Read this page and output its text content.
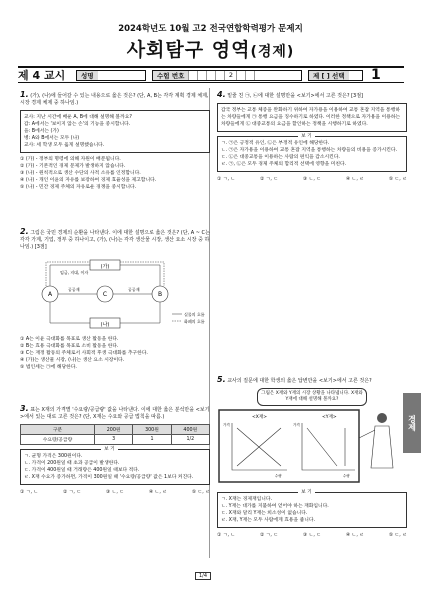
2024학년도 10월 고2 전국연합학력평가 문제지
사회탐구 영역(경제)
제 4 교시	성명	수험 번호	2	제 [ ] 선택 1
1. (가), (나)에 들어갈 수 있는 내용으로 옳은 것은? (단, A, B는 각각 계획 경제 체제, 시장 경제 체제 중 하나임.)
교사: 지난 시간에 배운 A, B에 대해 설명해 볼까요?
갑: A에서는 '보이지 않는 손'의 기능을 중시합니다.
을: B에서는 (가)
병: A와 B에서는 모두 (나)
교사: 세 학생 모두 옳게 설명했습니다.
① (가) - 정부의 명령에 의해 자원이 배분됩니다.
② (가) - 기본적인 경제 문제가 발생하지 않습니다.
③ (나) - 원칙적으로 생산 수단의 사적 소유를 인정합니다.
④ (나) - 개인 이윤의 자유를 보장하여 경제 효율성을 제고합니다.
⑤ (나) - 민간 경제 주체의 자유로운 경쟁을 중시합니다.
2. 그림은 국민 경제의 순환을 나타낸다. 이에 대한 설명으로 옳은 것은? (단, A ~ C는 각각 가계, 기업, 정부 중 하나이고, (가), (나)는 각각 생산물 시장, 생산 요소 시장 중 하나임.) [3점]
(가)
(나)
A	C	B
임금, 지대, 이자
공공재	공공재
실물의 흐름
화폐의 흐름
① A는 이윤 극대화를 목표로 생산 활동을 한다.
② B는 효용 극대화를 목표로 소비 활동을 한다.
③ C는 재정 활동의 주체로서 사회적 후생 극대화를 추구한다.
④ (가)는 생산물 시장, (나)는 생산 요소 시장이다.
⑤ 법인세는 ㉠에 해당한다.
3. 표는 X재의 가격별 '수요량/공급량' 값을 나타낸다. 이에 대한 옳은 분석만을 <보기>에서 있는 대로 고른 것은? (단, X재는 수요와 공급 법칙을 따름.)
구분	200원	300원	400원
수요량/공급량	3	1	1/2
보 기
ㄱ. 균형 가격은 300원이다.
ㄴ. 가격이 200원일 때 초과 공급이 발생한다.
ㄷ. 가격이 400원일 때 거래량은 400원일 때보다 적다.
ㄹ. X재 수요가 증가하면, 가격이 300원일 때 '수요량/공급량' 값은 1보다 커진다.
① ㄱ, ㄴ	② ㄱ, ㄷ	③ ㄴ, ㄷ	④ ㄴ, ㄹ	⑤ ㄷ, ㄹ
4. 밑줄 친 ㉠, ㉡에 대한 설명만을 <보기>에서 고른 것은? [3점]
갑국 정부는 교통 체증을 완화하기 위하여 자가용을 이용하여 교통 혼잡 지역을 통행하는 차량들에게 ㉠ 통행 요금을 징수하기로 하였다. 이러한 정책으로 자가용을 이용하는 차량들에게 ㉡ 대중교통의 요금을 할인하는 정책을 시행하기로 하였다.
보 기
ㄱ. ㉠은 긍정적 유인, ㉡은 부정적 유인에 해당한다.
ㄴ. ㉠은 자가용을 이용하여 교통 혼잡 지역을 통행하는 차량들의 비용을 증가시킨다.
ㄷ. ㉡은 대중교통을 이용하는 사람의 편익을 감소시킨다.
ㄹ. ㉠, ㉡은 모두 경제 주체의 합리적 선택에 영향을 미친다.
① ㄱ, ㄴ	② ㄱ, ㄷ	③ ㄴ, ㄷ	④ ㄴ, ㄹ	⑤ ㄷ, ㄹ
5. 교사의 질문에 대한 학생의 옳은 답변만을 <보기>에서 고른 것은?
그림은 X재와 Y재의 시장 상황을 나타냅니다. X재와 Y재에 대해 설명해 볼까요?
<X재>	<Y재>
가격	가격
수량	수량
보 기
ㄱ. X재는 경제재입니다.
ㄴ. Y재는 대가를 지불하여 얻어야 하는 재화입니다.
ㄷ. X재와 달리 Y재는 희소성이 없습니다.
ㄹ. X재, Y재는 모두 사람에게 효용을 줍니다.
① ㄱ, ㄴ	② ㄱ, ㄷ	③ ㄴ, ㄷ	④ ㄴ, ㄹ	⑤ ㄷ, ㄹ
경제
1/4
